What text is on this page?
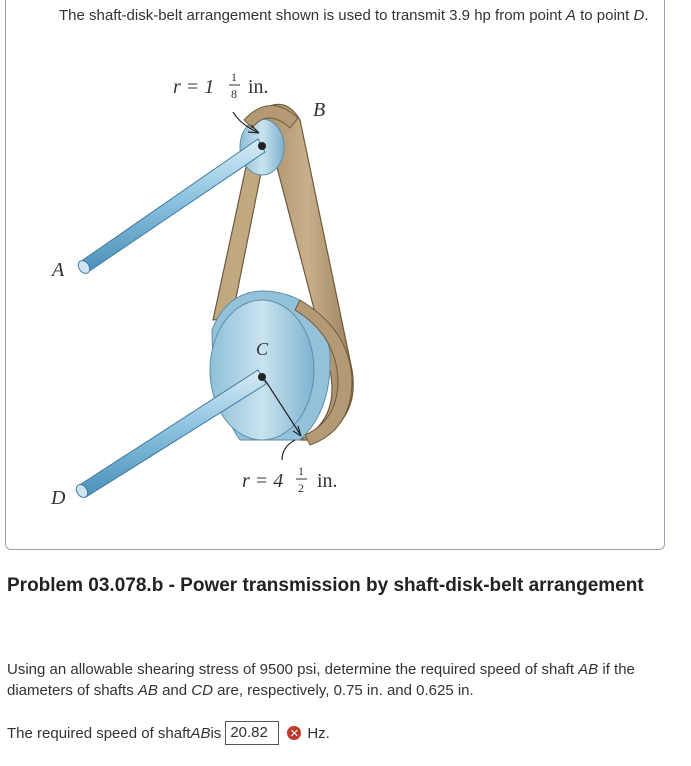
The shaft-disk-belt arrangement shown is used to transmit 3.9 hp from point A to point D.
r = 1 1
8 in.
B
A
C
D
r = 4 1
2 in.
Problem 03.078.b - Power transmission by shaft-disk-belt arrangement
Using an allowable shearing stress of 9500 psi, determine the required speed of shaft AB if the diameters of shafts AB and CD are, respectively, 0.75 in. and 0.625 in.
The required speed of shaft AB is 20.82	✕ Hz.
